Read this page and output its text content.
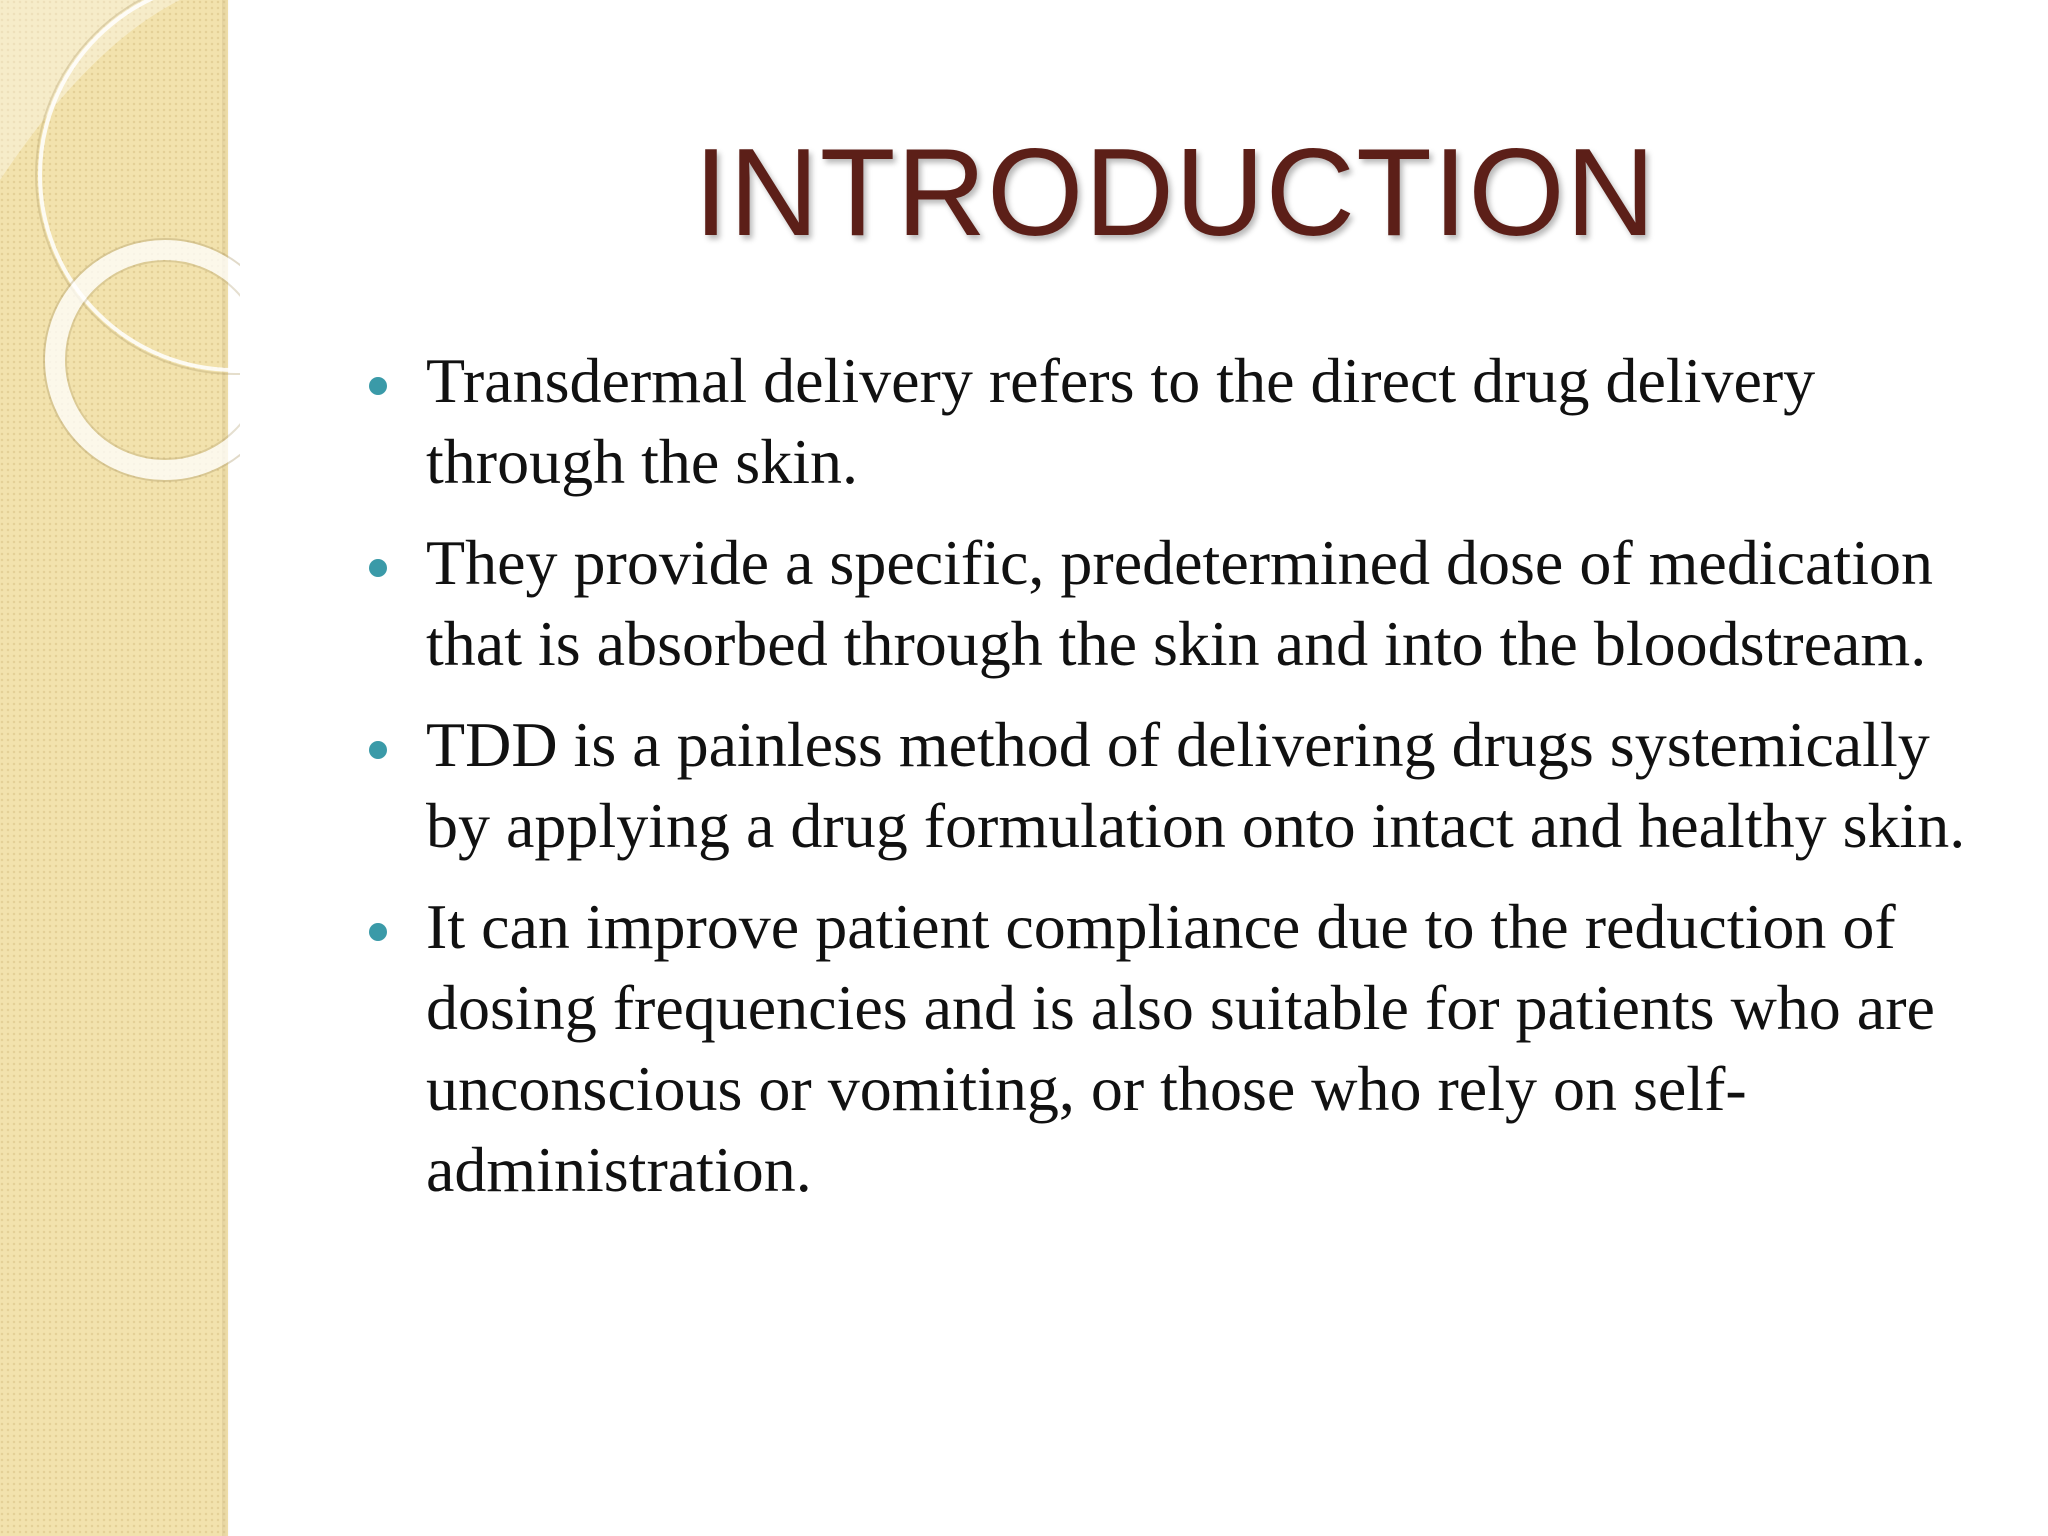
INTRODUCTION
Transdermal delivery refers to the direct drug delivery through the skin.
They provide a specific, predetermined dose of medication that is absorbed through the skin and into the bloodstream.
TDD is a painless method of delivering drugs systemically by applying a drug formulation onto intact and healthy skin.
It can improve patient compliance due to the reduction of dosing frequencies and is also suitable for patients who are unconscious or vomiting, or those who rely on self-administration.
